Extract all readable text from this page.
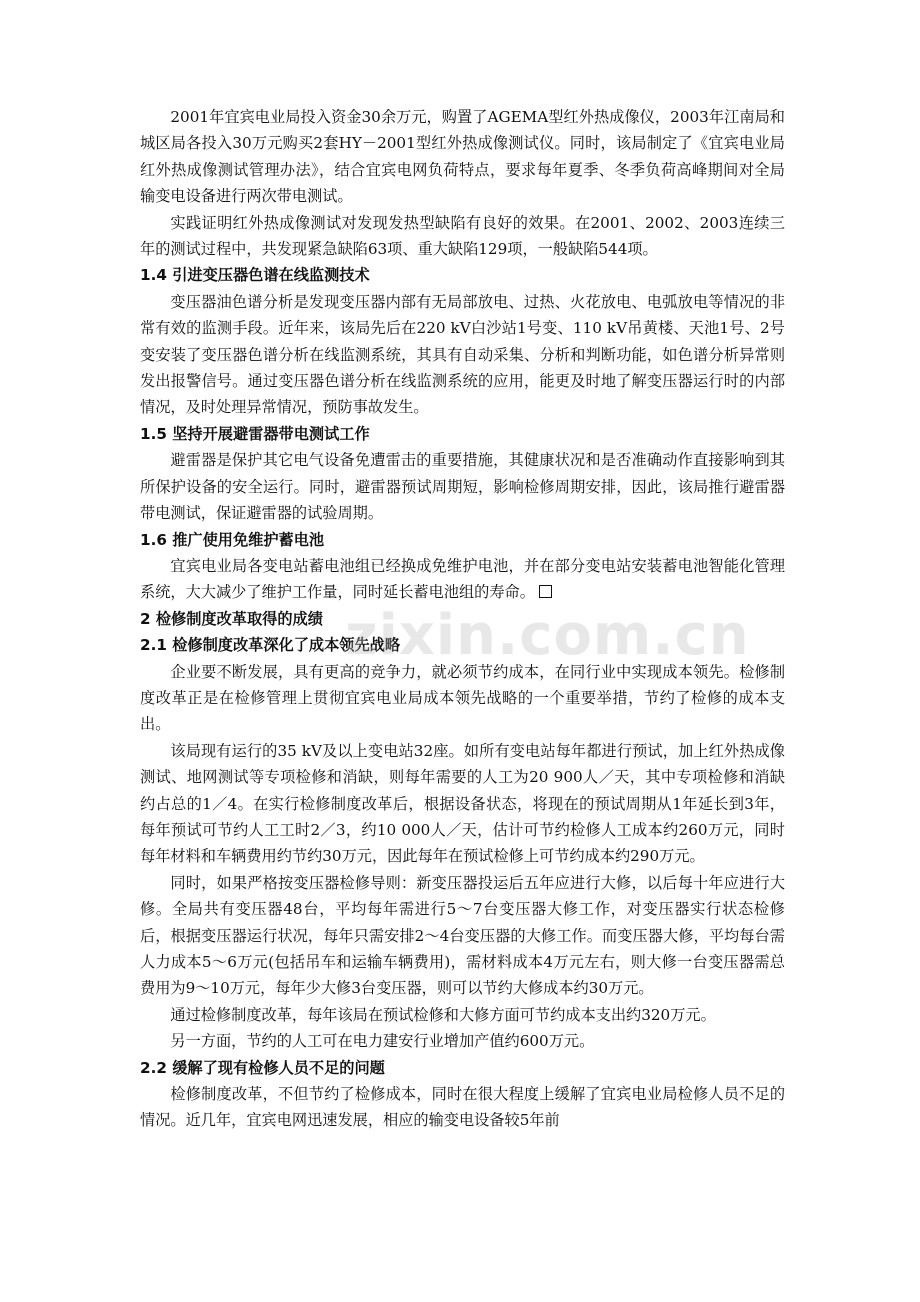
2001年宜宾电业局投入资金30余万元，购置了AGEMA型红外热成像仪，2003年江南局和城区局各投入30万元购买2套HY－2001型红外热成像测试仪。同时，该局制定了《宜宾电业局红外热成像测试管理办法》，结合宜宾电网负荷特点，要求每年夏季、冬季负荷高峰期间对全局输变电设备进行两次带电测试。

实践证明红外热成像测试对发现发热型缺陷有良好的效果。在2001、2002、2003连续三年的测试过程中，共发现紧急缺陷63项、重大缺陷129项，一般缺陷544项。

1.4 引进变压器色谱在线监测技术

变压器油色谱分析是发现变压器内部有无局部放电、过热、火花放电、电弧放电等情况的非常有效的监测手段。近年来，该局先后在220 kV白沙站1号变、110 kV吊黄楼、天池1号、2号变安装了变压器色谱分析在线监测系统，其具有自动采集、分析和判断功能，如色谱分析异常则发出报警信号。通过变压器色谱分析在线监测系统的应用，能更及时地了解变压器运行时的内部情况，及时处理异常情况，预防事故发生。

1.5 坚持开展避雷器带电测试工作

避雷器是保护其它电气设备免遭雷击的重要措施，其健康状况和是否准确动作直接影响到其所保护设备的安全运行。同时，避雷器预试周期短，影响检修周期安排，因此，该局推行避雷器带电测试，保证避雷器的试验周期。

1.6 推广使用免维护蓄电池

宜宾电业局各变电站蓄电池组已经换成免维护电池，并在部分变电站安装蓄电池智能化管理系统，大大减少了维护工作量，同时延长蓄电池组的寿命。

2 检修制度改革取得的成绩

2.1 检修制度改革深化了成本领先战略

企业要不断发展，具有更高的竞争力，就必须节约成本，在同行业中实现成本领先。检修制度改革正是在检修管理上贯彻宜宾电业局成本领先战略的一个重要举措，节约了检修的成本支出。

该局现有运行的35 kV及以上变电站32座。如所有变电站每年都进行预试，加上红外热成像测试、地网测试等专项检修和消缺，则每年需要的人工为20 900人／天，其中专项检修和消缺约占总的1／4。在实行检修制度改革后，根据设备状态，将现在的预试周期从1年延长到3年，每年预试可节约人工工时2／3，约10 000人／天，估计可节约检修人工成本约260万元，同时每年材料和车辆费用约节约30万元，因此每年在预试检修上可节约成本约290万元。

同时，如果严格按变压器检修导则：新变压器投运后五年应进行大修，以后每十年应进行大修。全局共有变压器48台，平均每年需进行5～7台变压器大修工作，对变压器实行状态检修后，根据变压器运行状况，每年只需安排2～4台变压器的大修工作。而变压器大修，平均每台需人力成本5～6万元(包括吊车和运输车辆费用)，需材料成本4万元左右，则大修一台变压器需总费用为9～10万元，每年少大修3台变压器，则可以节约大修成本约30万元。

通过检修制度改革，每年该局在预试检修和大修方面可节约成本支出约320万元。

另一方面，节约的人工可在电力建安行业增加产值约600万元。

2.2 缓解了现有检修人员不足的问题

检修制度改革，不但节约了检修成本，同时在很大程度上缓解了宜宾电业局检修人员不足的情况。近几年，宜宾电网迅速发展，相应的输变电设备较5年前

zixin.com.cn
